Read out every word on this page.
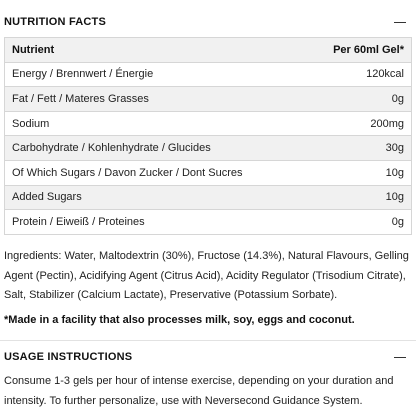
NUTRITION FACTS
Nutrient	Per 60ml Gel*
Energy / Brennwert / Énergie	120kcal
Fat / Fett / Materes Grasses	0g
Sodium	200mg
Carbohydrate / Kohlenhydrate / Glucides	30g
Of Which Sugars / Davon Zucker / Dont Sucres	10g
Added Sugars	10g
Protein / Eiweiß / Proteines	0g

Ingredients: Water, Maltodextrin (30%), Fructose (14.3%), Natural Flavours, Gelling Agent (Pectin), Acidifying Agent (Citrus Acid), Acidity Regulator (Trisodium Citrate), Salt, Stabilizer (Calcium Lactate), Preservative (Potassium Sorbate).

*Made in a facility that also processes milk, soy, eggs and coconut.

USAGE INSTRUCTIONS

Consume 1-3 gels per hour of intense exercise, depending on your duration and intensity. To further personalize, use with Neversecond Guidance System.
